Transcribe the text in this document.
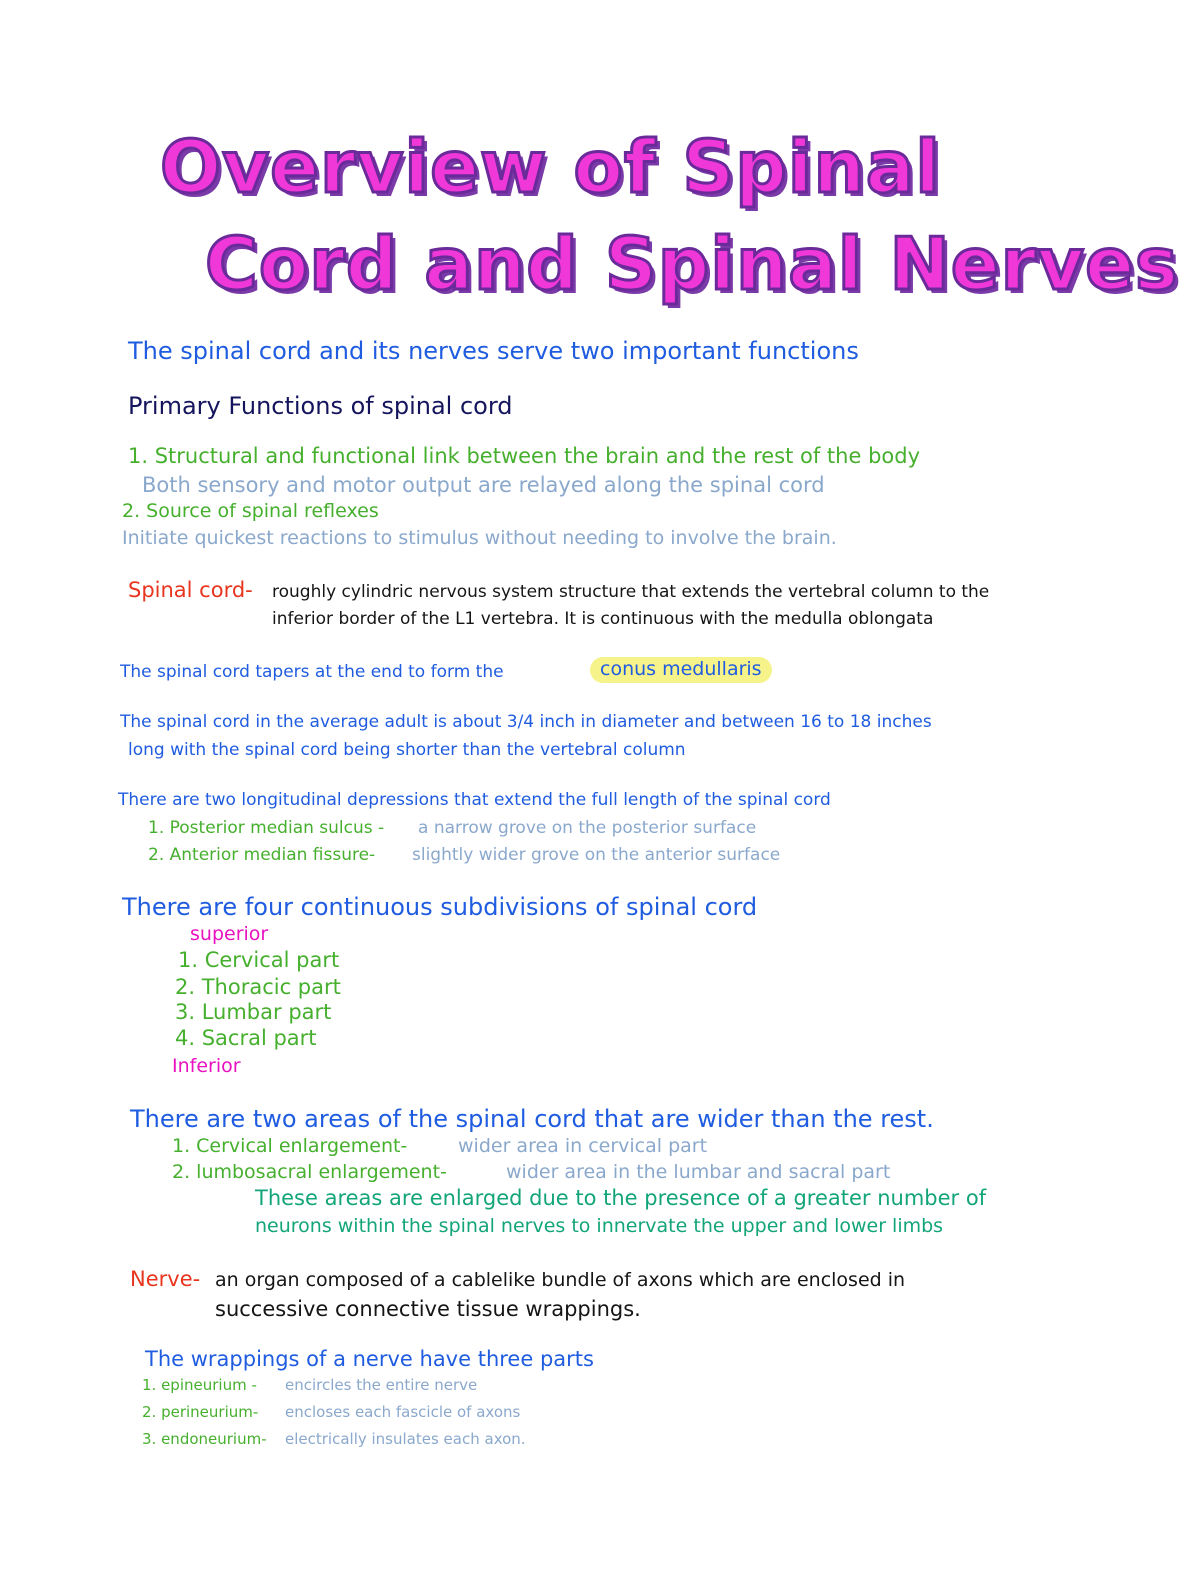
Overview of Spinal
Cord and Spinal Nerves
The spinal cord and its nerves serve two important functions
Primary Functions of spinal cord
1. Structural and functional link between the brain and the rest of the body
Both sensory and motor output are relayed along the spinal cord
2. Source of spinal reflexes
Initiate quickest reactions to stimulus without needing to involve the brain.
Spinal cord- roughly cylindric nervous system structure that extends the vertebral column to the
inferior border of the L1 vertebra. It is continuous with the medulla oblongata
The spinal cord tapers at the end to form the	conus medullaris
The spinal cord in the average adult is about 3/4 inch in diameter and between 16 to 18 inches
long with the spinal cord being shorter than the vertebral column
There are two longitudinal depressions that extend the full length of the spinal cord
1. Posterior median sulcus - a narrow grove on the posterior surface
2. Anterior median fissure- slightly wider grove on the anterior surface
There are four continuous subdivisions of spinal cord
superior
1. Cervical part
2. Thoracic part
3. Lumbar part
4. Sacral part
Inferior
There are two areas of the spinal cord that are wider than the rest.
1. Cervical enlargement-	wider area in cervical part
2. lumbosacral enlargement-	wider area in the lumbar and sacral part
These areas are enlarged due to the presence of a greater number of
neurons within the spinal nerves to innervate the upper and lower limbs
Nerve- an organ composed of a cablelike bundle of axons which are enclosed in
successive connective tissue wrappings.
The wrappings of a nerve have three parts
1. epineurium - encircles the entire nerve
2. perineurium- encloses each fascicle of axons
3. endoneurium- electrically insulates each axon.
